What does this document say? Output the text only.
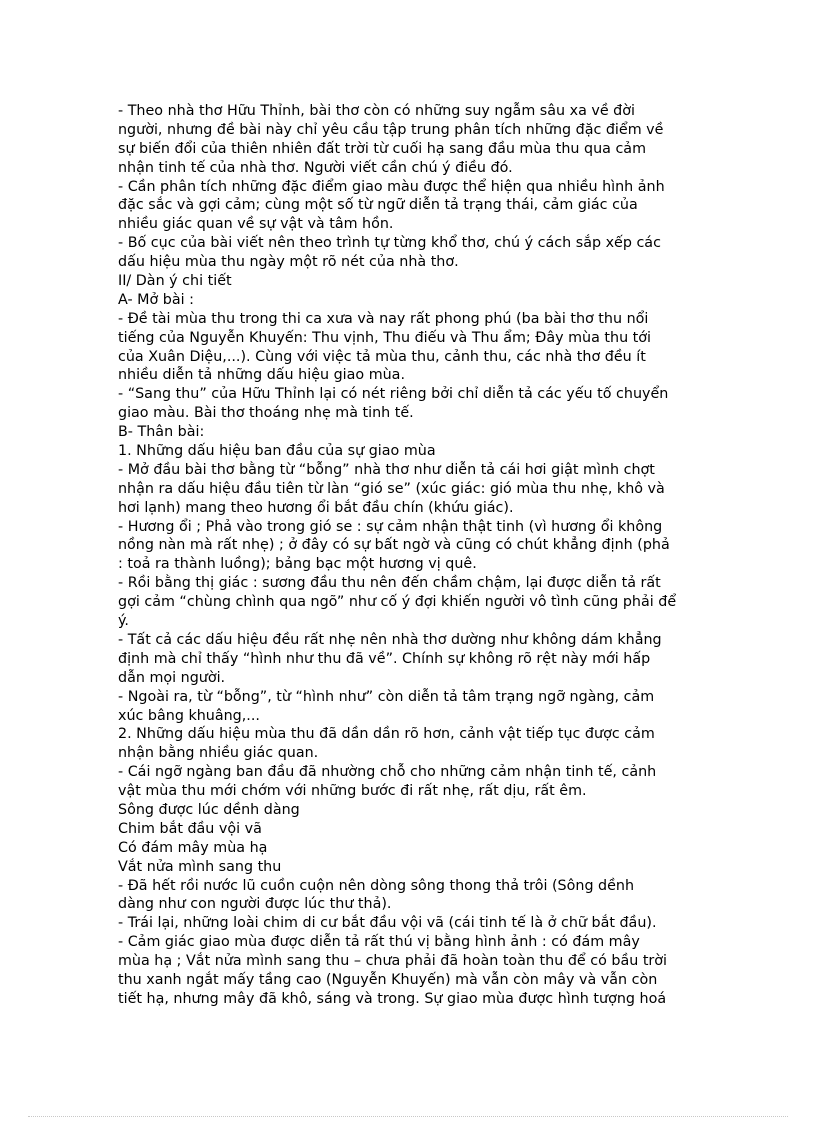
- Theo nhà thơ Hữu Thỉnh, bài thơ còn có những suy ngẫm sâu xa về đời
người, nhưng đề bài này chỉ yêu cầu tập trung phân tích những đặc điểm về
sự biến đổi của thiên nhiên đất trời từ cuối hạ sang đầu mùa thu qua cảm
nhận tinh tế của nhà thơ. Người viết cần chú ý điều đó.
- Cần phân tích những đặc điểm giao màu được thể hiện qua nhiều hình ảnh
đặc sắc và gợi cảm; cùng một số từ ngữ diễn tả trạng thái, cảm giác của
nhiều giác quan về sự vật và tâm hồn.
- Bố cục của bài viết nên theo trình tự từng khổ thơ, chú ý cách sắp xếp các
dấu hiệu mùa thu ngày một rõ nét của nhà thơ.
II/ Dàn ý chi tiết
A- Mở bài :
- Đề tài mùa thu trong thi ca xưa và nay rất phong phú (ba bài thơ thu nổi
tiếng của Nguyễn Khuyến: Thu vịnh, Thu điếu và Thu ẩm; Đây mùa thu tới
của Xuân Diệu,...). Cùng với việc tả mùa thu, cảnh thu, các nhà thơ đều ít
nhiều diễn tả những dấu hiệu giao mùa.
- “Sang thu” của Hữu Thỉnh lại có nét riêng bởi chỉ diễn tả các yếu tố chuyển
giao màu. Bài thơ thoáng nhẹ mà tinh tế.
B- Thân bài:
1. Những dấu hiệu ban đầu của sự giao mùa
- Mở đầu bài thơ bằng từ “bỗng” nhà thơ như diễn tả cái hơi giật mình chợt
nhận ra dấu hiệu đầu tiên từ làn “gió se” (xúc giác: gió mùa thu nhẹ, khô và
hơi lạnh) mang theo hương ổi bắt đầu chín (khứu giác).
- Hương ổi ; Phả vào trong gió se : sự cảm nhận thật tinh (vì hương ổi không
nồng nàn mà rất nhẹ) ; ở đây có sự bất ngờ và cũng có chút khẳng định (phả
: toả ra thành luồng); bảng bạc một hương vị quê.
- Rồi bằng thị giác : sương đầu thu nên đến chầm chậm, lại được diễn tả rất
gợi cảm “chùng chình qua ngõ” như cố ý đợi khiến người vô tình cũng phải để
ý.
- Tất cả các dấu hiệu đều rất nhẹ nên nhà thơ dường như không dám khẳng
định mà chỉ thấy “hình như thu đã về”. Chính sự không rõ rệt này mới hấp
dẫn mọi người.
- Ngoài ra, từ “bỗng”, từ “hình như” còn diễn tả tâm trạng ngỡ ngàng, cảm
xúc bâng khuâng,...
2. Những dấu hiệu mùa thu đã dần dần rõ hơn, cảnh vật tiếp tục được cảm
nhận bằng nhiều giác quan.
- Cái ngỡ ngàng ban đầu đã nhường chỗ cho những cảm nhận tinh tế, cảnh
vật mùa thu mới chớm với những bước đi rất nhẹ, rất dịu, rất êm.
Sông được lúc dềnh dàng
Chim bắt đầu vội vã
Có đám mây mùa hạ
Vắt nửa mình sang thu
- Đã hết rồi nước lũ cuồn cuộn nên dòng sông thong thả trôi (Sông dềnh
dàng như con người được lúc thư thả).
- Trái lại, những loài chim di cư bắt đầu vội vã (cái tinh tế là ở chữ bắt đầu).
- Cảm giác giao mùa được diễn tả rất thú vị bằng hình ảnh : có đám mây
mùa hạ ; Vắt nửa mình sang thu – chưa phải đã hoàn toàn thu để có bầu trời
thu xanh ngắt mấy tầng cao (Nguyễn Khuyến) mà vẫn còn mây và vẫn còn
tiết hạ, nhưng mây đã khô, sáng và trong. Sự giao mùa được hình tượng hoá
